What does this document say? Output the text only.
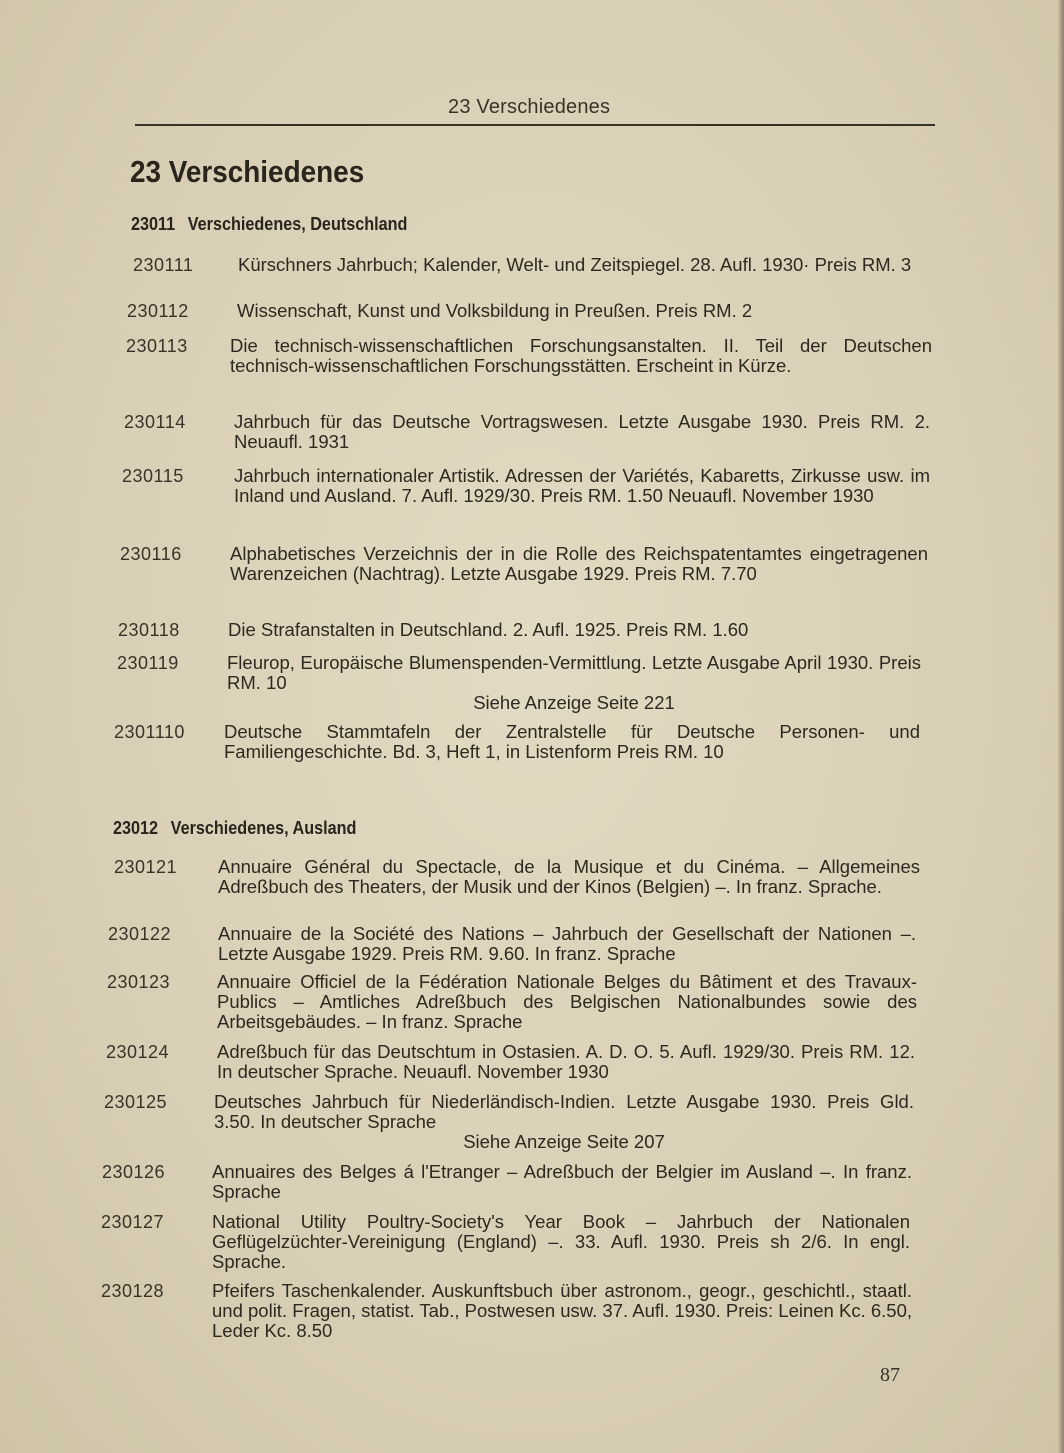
23 Verschiedenes
23 Verschiedenes
23011 Verschiedenes, Deutschland
230111 Kürschners Jahrbuch; Kalender, Welt- und Zeitspiegel. 28. Aufl. 1930· Preis RM. 3
230112	Wissenschaft, Kunst und Volksbildung in Preußen. Preis RM. 2
230113 Die technisch-wissenschaftlichen Forschungsanstalten. II. Teil der Deutschen technisch-wissenschaftlichen Forschungsstätten. Erscheint in Kürze.
230114	Jahrbuch für das Deutsche Vortragswesen. Letzte Ausgabe 1930. Preis RM. 2. Neuaufl. 1931
230115	Jahrbuch internationaler Artistik. Adressen der Variétés, Kabaretts, Zirkusse usw. im Inland und Ausland. 7. Aufl. 1929/30. Preis RM. 1.50 Neuaufl. November 1930
230116	Alphabetisches Verzeichnis der in die Rolle des Reichspatentamtes eingetragenen Warenzeichen (Nachtrag). Letzte Ausgabe 1929. Preis RM. 7.70
230118	Die Strafanstalten in Deutschland. 2. Aufl. 1925. Preis RM. 1.60
230119	Fleurop, Europäische Blumenspenden-Vermittlung. Letzte Ausgabe April 1930. Preis RM. 10
Siehe Anzeige Seite 221
2301110 Deutsche Stammtafeln der Zentralstelle für Deutsche Personen- und Familiengeschichte. Bd. 3, Heft 1, in Listenform Preis RM. 10
23012 Verschiedenes, Ausland
230121 Annuaire Général du Spectacle, de la Musique et du Cinéma. – Allgemeines Adreßbuch des Theaters, der Musik und der Kinos (Belgien) –. In franz. Sprache.
230122	Annuaire de la Société des Nations – Jahrbuch der Gesellschaft der Nationen –. Letzte Ausgabe 1929. Preis RM. 9.60. In franz. Sprache
230123	Annuaire Officiel de la Fédération Nationale Belges du Bâtiment et des Travaux-Publics – Amtliches Adreßbuch des Belgischen Nationalbundes sowie des Arbeitsgebäudes. – In franz. Sprache
230124	Adreßbuch für das Deutschtum in Ostasien. A. D. O. 5. Aufl. 1929/30. Preis RM. 12. In deutscher Sprache. Neuaufl. November 1930
230125	Deutsches Jahrbuch für Niederländisch-Indien. Letzte Ausgabe 1930. Preis Gld. 3.50. In deutscher Sprache
Siehe Anzeige Seite 207
230126	Annuaires des Belges á l'Etranger – Adreßbuch der Belgier im Ausland –. In franz. Sprache
230127	National Utility Poultry-Society's Year Book – Jahrbuch der Nationalen Geflügelzüchter-Vereinigung (England) –. 33. Aufl. 1930. Preis sh 2/6. In engl. Sprache.
230128	Pfeifers Taschenkalender. Auskunftsbuch über astronom., geogr., geschichtl., staatl. und polit. Fragen, statist. Tab., Postwesen usw. 37. Aufl. 1930. Preis: Leinen Kc. 6.50, Leder Kc. 8.50
87
